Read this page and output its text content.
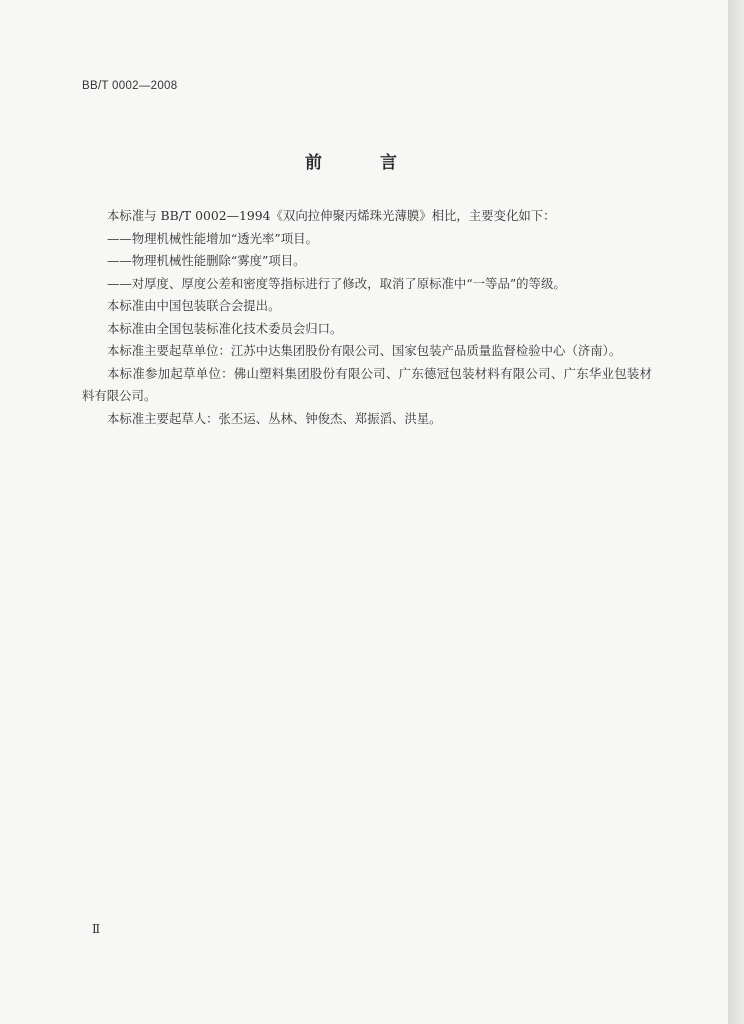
BB/T 0002—2008
前 言

本标准与 BB/T 0002—1994《双向拉伸聚丙烯珠光薄膜》相比，主要变化如下：

——物理机械性能增加“透光率”项目。

——物理机械性能删除“雾度”项目。

——对厚度、厚度公差和密度等指标进行了修改，取消了原标准中“一等品”的等级。

本标准由中国包装联合会提出。

本标准由全国包装标准化技术委员会归口。

本标准主要起草单位：江苏中达集团股份有限公司、国家包装产品质量监督检验中心（济南）。

本标准参加起草单位：佛山塑料集团股份有限公司、广东德冠包装材料有限公司、广东华业包装材料有限公司。

本标准主要起草人：张丕运、丛林、钟俊杰、郑振滔、洪星。

Ⅱ
